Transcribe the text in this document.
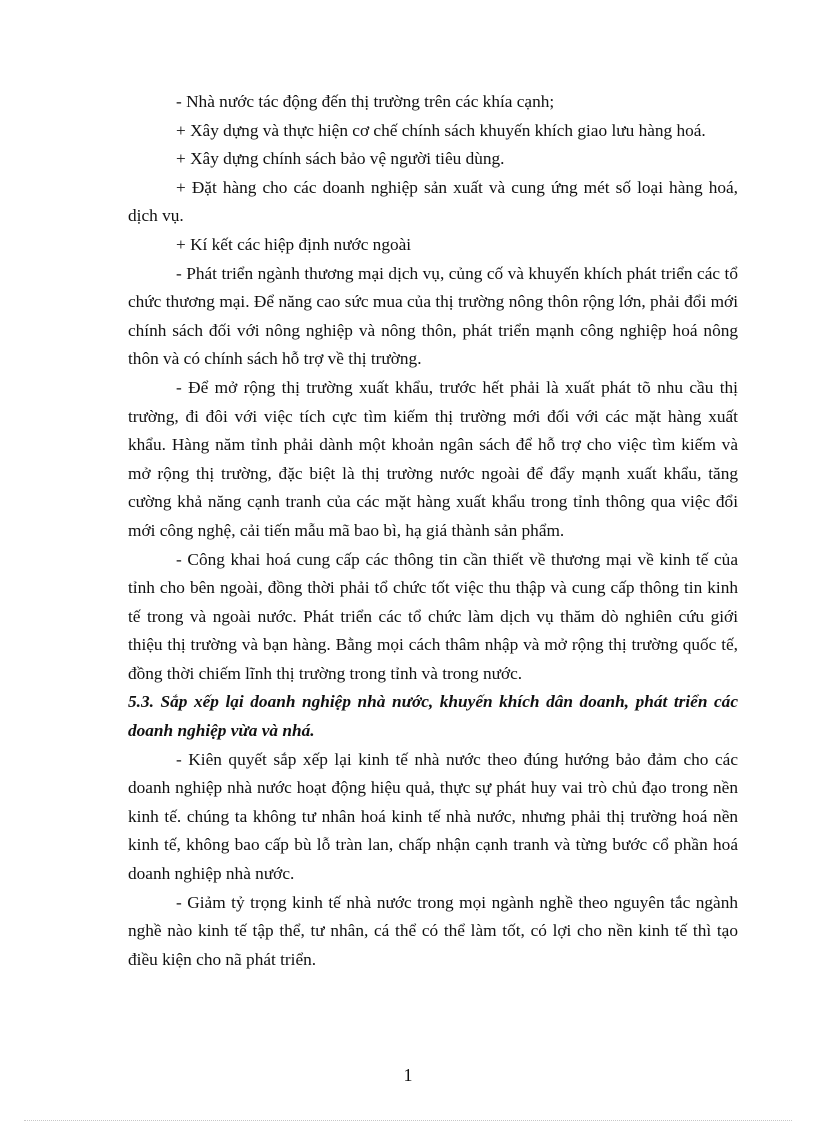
- Nhà nước tác động đến thị trường trên các khía cạnh;

+ Xây dựng và thực hiện cơ chế chính sách khuyến khích giao lưu hàng hoá.

+ Xây dựng chính sách bảo vệ người tiêu dùng.

+ Đặt hàng cho các doanh nghiệp sản xuất và cung ứng mét số loại hàng hoá, dịch vụ.

+ Kí kết các hiệp định nước ngoài

- Phát triển ngành thương mại dịch vụ, củng cố và khuyến khích phát triển các tổ chức thương mại. Để năng cao sức mua của thị trường nông thôn rộng lớn, phải đổi mới chính sách đối với nông nghiệp và nông thôn, phát triển mạnh công nghiệp hoá nông thôn và có chính sách hỗ trợ về thị trường.

- Để mở rộng thị trường xuất khẩu, trước hết phải là xuất phát tõ nhu cầu thị trường, đi đôi với việc tích cực tìm kiếm thị trường mới đối với các mặt hàng xuất khẩu. Hàng năm tỉnh phải dành một khoản ngân sách để hỗ trợ cho việc tìm kiếm và mở rộng thị trường, đặc biệt là thị trường nước ngoài để đẩy mạnh xuất khẩu, tăng cường khả năng cạnh tranh của các mặt hàng xuất khẩu trong tỉnh thông qua việc đổi mới công nghệ, cải tiến mẫu mã bao bì, hạ giá thành sản phẩm.

- Công khai hoá cung cấp các thông tin cần thiết về thương mại về kinh tế của tỉnh cho bên ngoài, đồng thời phải tổ chức tốt việc thu thập và cung cấp thông tin kinh tế trong và ngoài nước. Phát triển các tổ chức làm dịch vụ thăm dò nghiên cứu giới thiệu thị trường và bạn hàng. Bằng mọi cách thâm nhập và mở rộng thị trường quốc tế, đồng thời chiếm lĩnh thị trường trong tỉnh và trong nước.

5.3. Sắp xếp lại doanh nghiệp nhà nước, khuyến khích dân doanh, phát triển các doanh nghiệp vừa và nhá.

- Kiên quyết sắp xếp lại kinh tế nhà nước theo đúng hướng bảo đảm cho các doanh nghiệp nhà nước hoạt động hiệu quả, thực sự phát huy vai trò chủ đạo trong nền kinh tế. chúng ta không tư nhân hoá kinh tế nhà nước, nhưng phải thị trường hoá nền kinh tế, không bao cấp bù lỗ tràn lan, chấp nhận cạnh tranh và từng bước cổ phần hoá doanh nghiệp nhà nước.

- Giảm tỷ trọng kinh tế nhà nước trong mọi ngành nghề theo nguyên tắc ngành nghề nào kinh tế tập thể, tư nhân, cá thể có thể làm tốt, có lợi cho nền kinh tế thì tạo điều kiện cho nã phát triển.

1
